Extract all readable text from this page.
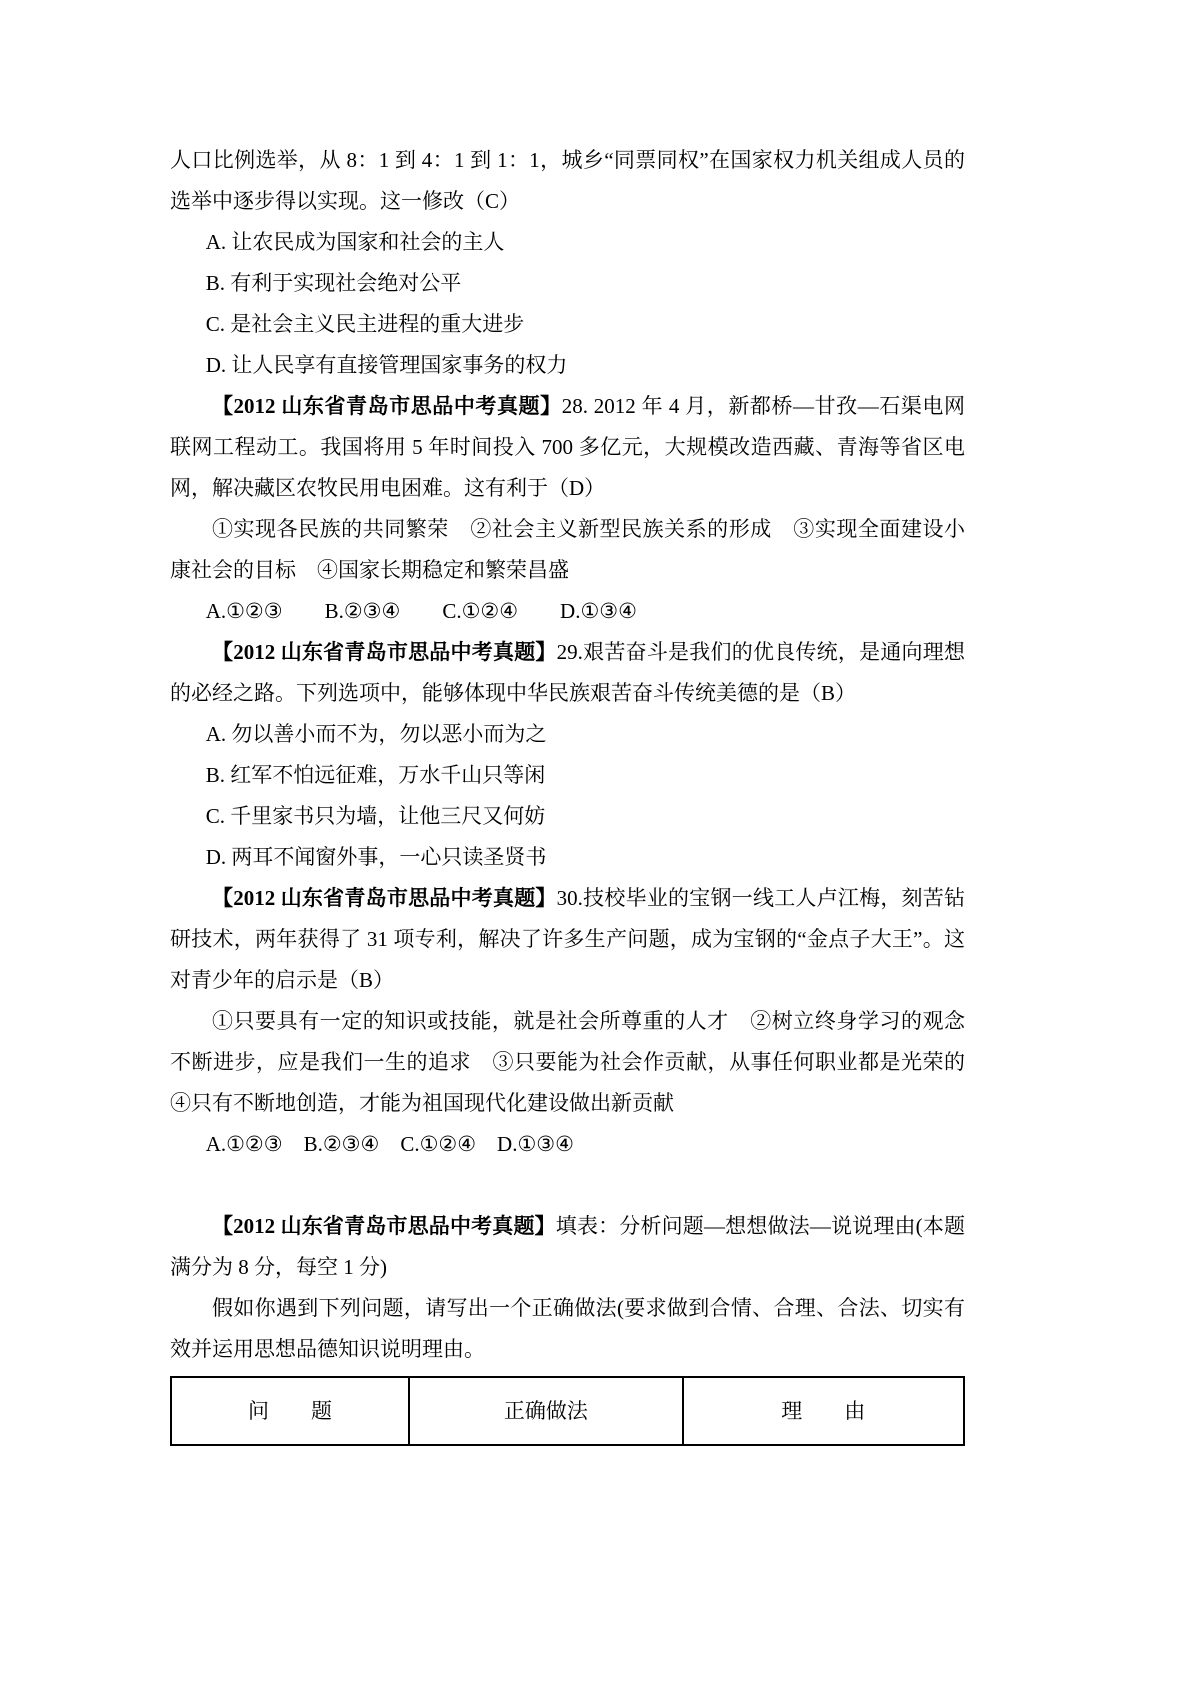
人口比例选举，从 8：1 到 4：1 到 1：1，城乡“同票同权”在国家权力机关组成人员的选举中逐步得以实现。这一修改（C）

A. 让农民成为国家和社会的主人

B. 有利于实现社会绝对公平

C. 是社会主义民主进程的重大进步

D. 让人民享有直接管理国家事务的权力

【2012 山东省青岛市思品中考真题】28. 2012 年 4 月，新都桥—甘孜—石渠电网联网工程动工。我国将用 5 年时间投入 700 多亿元，大规模改造西藏、青海等省区电网，解决藏区农牧民用电困难。这有利于（D）

①实现各民族的共同繁荣　②社会主义新型民族关系的形成　③实现全面建设小康社会的目标　④国家长期稳定和繁荣昌盛

A.①②③　　B.②③④　　C.①②④　　D.①③④

【2012 山东省青岛市思品中考真题】29.艰苦奋斗是我们的优良传统，是通向理想的必经之路。下列选项中，能够体现中华民族艰苦奋斗传统美德的是（B）

A. 勿以善小而不为，勿以恶小而为之

B. 红军不怕远征难，万水千山只等闲

C. 千里家书只为墙，让他三尺又何妨

D. 两耳不闻窗外事，一心只读圣贤书

【2012 山东省青岛市思品中考真题】30.技校毕业的宝钢一线工人卢江梅，刻苦钻研技术，两年获得了 31 项专利，解决了许多生产问题，成为宝钢的“金点子大王”。这对青少年的启示是（B）

①只要具有一定的知识或技能，就是社会所尊重的人才　②树立终身学习的观念不断进步，应是我们一生的追求　③只要能为社会作贡献，从事任何职业都是光荣的　④只有不断地创造，才能为祖国现代化建设做出新贡献

A.①②③　B.②③④　C.①②④　D.①③④

【2012 山东省青岛市思品中考真题】填表：分析问题—想想做法—说说理由(本题满分为 8 分，每空 1 分)

假如你遇到下列问题，请写出一个正确做法(要求做到合情、合理、合法、切实有效并运用思想品德知识说明理由。

问　　题	正确做法	理　　由
